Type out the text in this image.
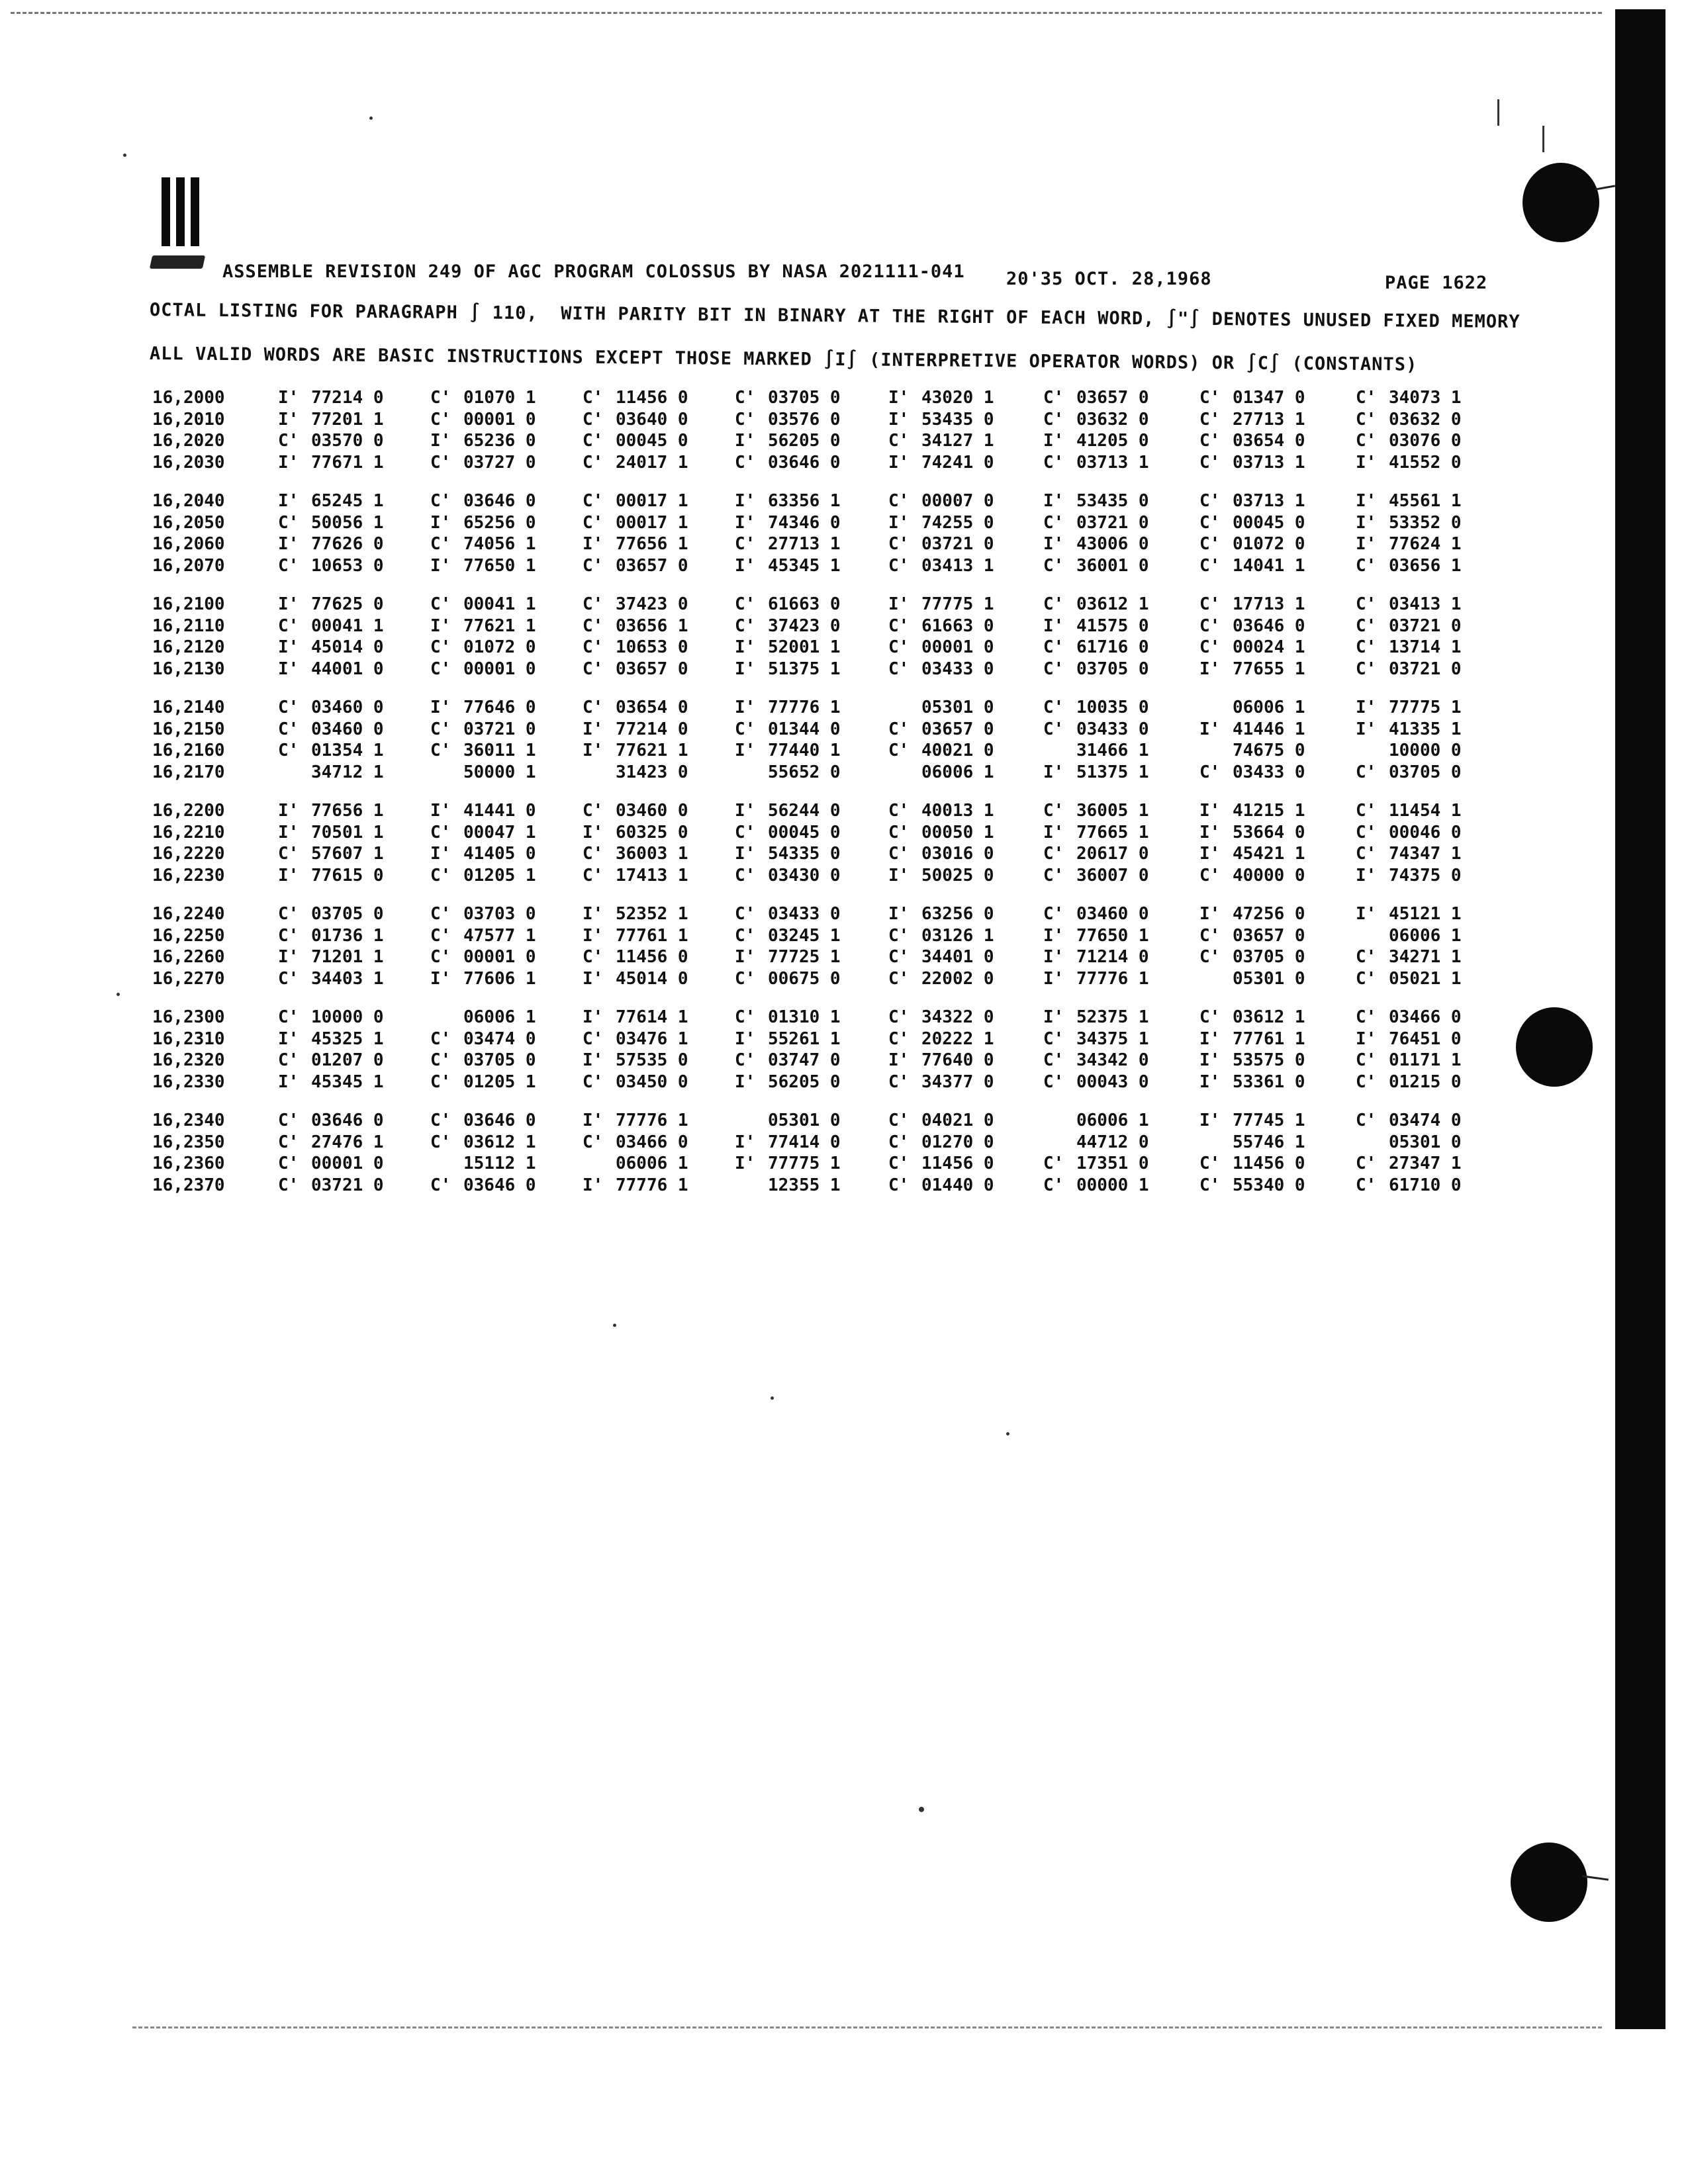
ASSEMBLE REVISION 249 OF AGC PROGRAM COLOSSUS BY NASA 2021111-041 20'35 OCT. 28,1968	PAGE 1622
OCTAL LISTING FOR PARAGRAPH ∫ 110,  WITH PARITY BIT IN BINARY AT THE RIGHT OF EACH WORD, ∫"∫ DENOTES UNUSED FIXED MEMORY
ALL VALID WORDS ARE BASIC INSTRUCTIONS EXCEPT THOSE MARKED ∫I∫ (INTERPRETIVE OPERATOR WORDS) OR ∫C∫ (CONSTANTS)
16,2000	I' 77214 0	C' 01070 1	C' 11456 0	C' 03705 0	I' 43020 1	C' 03657 0	C' 01347 0	C' 34073 1
16,2010	I' 77201 1	C' 00001 0	C' 03640 0	C' 03576 0	I' 53435 0	C' 03632 0	C' 27713 1	C' 03632 0
16,2020	C' 03570 0	I' 65236 0	C' 00045 0	I' 56205 0	C' 34127 1	I' 41205 0	C' 03654 0	C' 03076 0
16,2030	I' 77671 1	C' 03727 0	C' 24017 1	C' 03646 0	I' 74241 0	C' 03713 1	C' 03713 1	I' 41552 0
16,2040	I' 65245 1	C' 03646 0	C' 00017 1	I' 63356 1	C' 00007 0	I' 53435 0	C' 03713 1	I' 45561 1
16,2050	C' 50056 1	I' 65256 0	C' 00017 1	I' 74346 0	I' 74255 0	C' 03721 0	C' 00045 0	I' 53352 0
16,2060	I' 77626 0	C' 74056 1	I' 77656 1	C' 27713 1	C' 03721 0	I' 43006 0	C' 01072 0	I' 77624 1
16,2070	C' 10653 0	I' 77650 1	C' 03657 0	I' 45345 1	C' 03413 1	C' 36001 0	C' 14041 1	C' 03656 1
16,2100	I' 77625 0	C' 00041 1	C' 37423 0	C' 61663 0	I' 77775 1	C' 03612 1	C' 17713 1	C' 03413 1
16,2110	C' 00041 1	I' 77621 1	C' 03656 1	C' 37423 0	C' 61663 0	I' 41575 0	C' 03646 0	C' 03721 0
16,2120	I' 45014 0	C' 01072 0	C' 10653 0	I' 52001 1	C' 00001 0	C' 61716 0	C' 00024 1	C' 13714 1
16,2130	I' 44001 0	C' 00001 0	C' 03657 0	I' 51375 1	C' 03433 0	C' 03705 0	I' 77655 1	C' 03721 0
16,2140	C' 03460 0	I' 77646 0	C' 03654 0	I' 77776 1	05301 0	C' 10035 0	06006 1	I' 77775 1
16,2150	C' 03460 0	C' 03721 0	I' 77214 0	C' 01344 0	C' 03657 0	C' 03433 0	I' 41446 1	I' 41335 1
16,2160	C' 01354 1	C' 36011 1	I' 77621 1	I' 77440 1	C' 40021 0	31466 1	74675 0	10000 0
16,2170	34712 1	50000 1	31423 0	55652 0	06006 1	I' 51375 1	C' 03433 0	C' 03705 0
16,2200	I' 77656 1	I' 41441 0	C' 03460 0	I' 56244 0	C' 40013 1	C' 36005 1	I' 41215 1	C' 11454 1
16,2210	I' 70501 1	C' 00047 1	I' 60325 0	C' 00045 0	C' 00050 1	I' 77665 1	I' 53664 0	C' 00046 0
16,2220	C' 57607 1	I' 41405 0	C' 36003 1	I' 54335 0	C' 03016 0	C' 20617 0	I' 45421 1	C' 74347 1
16,2230	I' 77615 0	C' 01205 1	C' 17413 1	C' 03430 0	I' 50025 0	C' 36007 0	C' 40000 0	I' 74375 0
16,2240	C' 03705 0	C' 03703 0	I' 52352 1	C' 03433 0	I' 63256 0	C' 03460 0	I' 47256 0	I' 45121 1
16,2250	C' 01736 1	C' 47577 1	I' 77761 1	C' 03245 1	C' 03126 1	I' 77650 1	C' 03657 0	06006 1
16,2260	I' 71201 1	C' 00001 0	C' 11456 0	I' 77725 1	C' 34401 0	I' 71214 0	C' 03705 0	C' 34271 1
16,2270	C' 34403 1	I' 77606 1	I' 45014 0	C' 00675 0	C' 22002 0	I' 77776 1	05301 0	C' 05021 1
16,2300	C' 10000 0	06006 1	I' 77614 1	C' 01310 1	C' 34322 0	I' 52375 1	C' 03612 1	C' 03466 0
16,2310	I' 45325 1	C' 03474 0	C' 03476 1	I' 55261 1	C' 20222 1	C' 34375 1	I' 77761 1	I' 76451 0
16,2320	C' 01207 0	C' 03705 0	I' 57535 0	C' 03747 0	I' 77640 0	C' 34342 0	I' 53575 0	C' 01171 1
16,2330	I' 45345 1	C' 01205 1	C' 03450 0	I' 56205 0	C' 34377 0	C' 00043 0	I' 53361 0	C' 01215 0
16,2340	C' 03646 0	C' 03646 0	I' 77776 1	05301 0	C' 04021 0	06006 1	I' 77745 1	C' 03474 0
16,2350	C' 27476 1	C' 03612 1	C' 03466 0	I' 77414 0	C' 01270 0	44712 0	55746 1	05301 0
16,2360	C' 00001 0	15112 1	06006 1	I' 77775 1	C' 11456 0	C' 17351 0	C' 11456 0	C' 27347 1
16,2370	C' 03721 0	C' 03646 0	I' 77776 1	12355 1	C' 01440 0	C' 00000 1	C' 55340 0	C' 61710 0
